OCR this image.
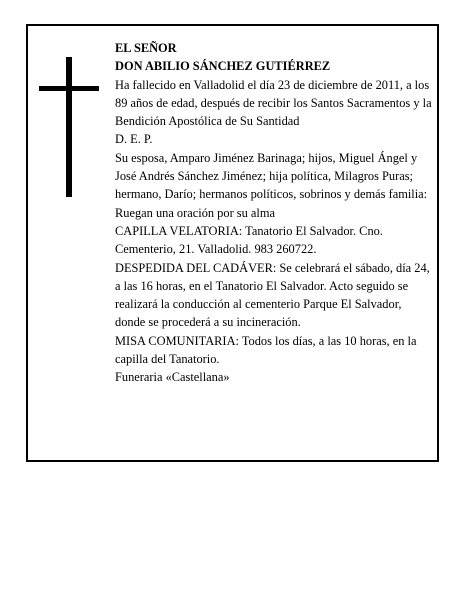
EL SEÑOR

DON ABILIO SÁNCHEZ GUTIÉRREZ

Ha fallecido en Valladolid el día 23 de diciembre de 2011, a los 89 años de edad, después de recibir los Santos Sacramentos y la Bendición Apostólica de Su Santidad

D. E. P.

Su esposa, Amparo Jiménez Barinaga; hijos, Miguel Ángel y José Andrés Sánchez Jiménez; hija política, Milagros Puras; hermano, Darío; hermanos políticos, sobrinos y demás familia:

Ruegan una oración por su alma

CAPILLA VELATORIA: Tanatorio El Salvador. Cno. Cementerio, 21. Valladolid. 983 260722.

DESPEDIDA DEL CADÁVER: Se celebrará el sábado, día 24, a las 16 horas, en el Tanatorio El Salvador. Acto seguido se realizará la conducción al cementerio Parque El Salvador, donde se procederá a su incineración.

MISA COMUNITARIA: Todos los días, a las 10 horas, en la capilla del Tanatorio.

Funeraria «Castellana»
